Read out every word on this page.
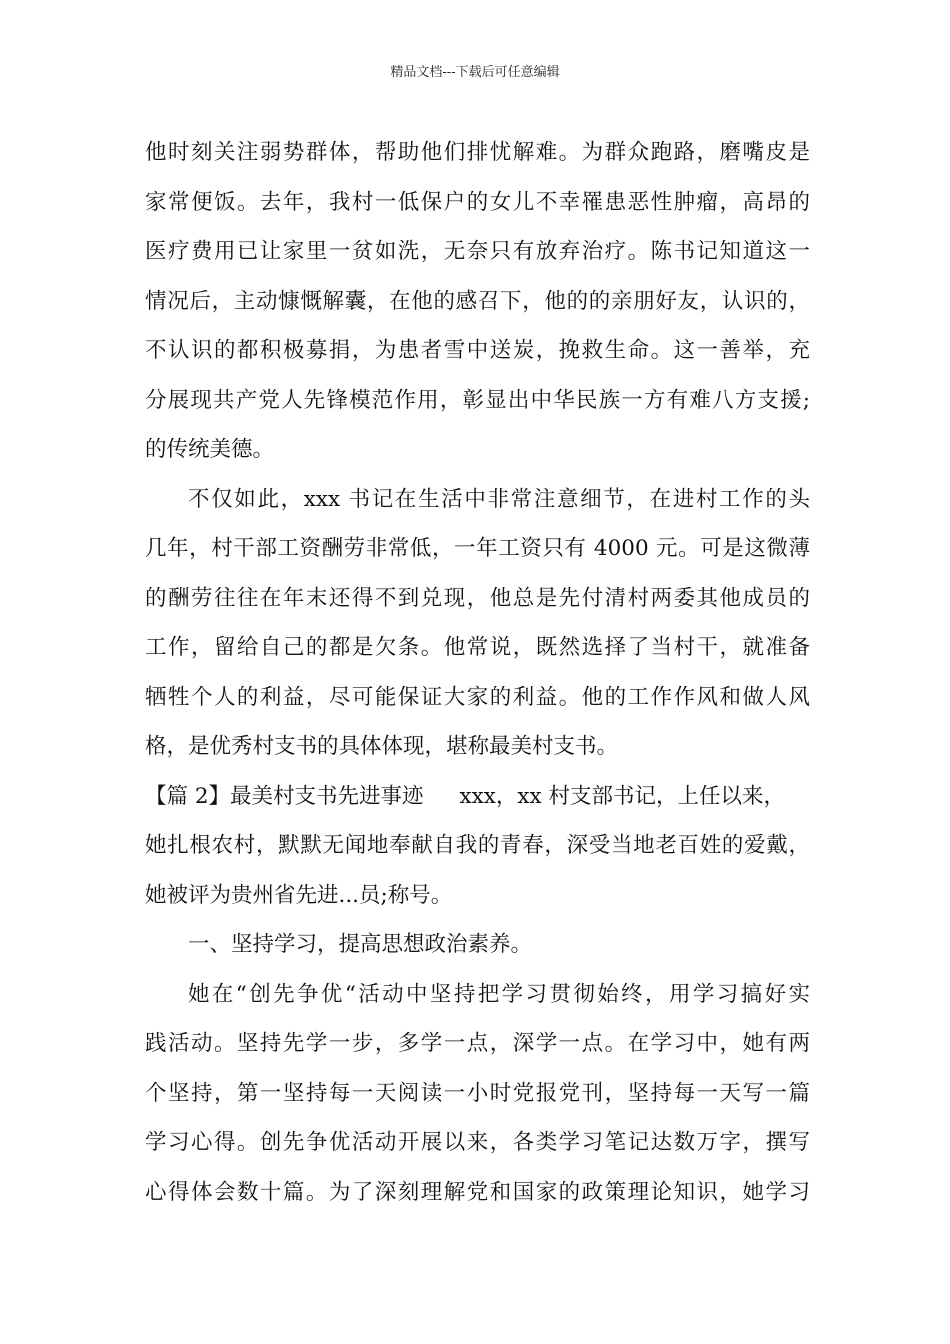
精品文档---下载后可任意编辑
他时刻关注弱势群体，帮助他们排忧解难。为群众跑路，磨嘴皮是
家常便饭。去年，我村一低保户的女儿不幸罹患恶性肿瘤，高昂的
医疗费用已让家里一贫如洗，无奈只有放弃治疗。陈书记知道这一
情况后，主动慷慨解囊，在他的感召下，他的的亲朋好友，认识的，
不认识的都积极募捐，为患者雪中送炭，挽救生命。这一善举，充
分展现共产党人先锋模范作用，彰显出中华民族一方有难八方支援;
的传统美德。
不仅如此，xxx 书记在生活中非常注意细节，在进村工作的头
几年，村干部工资酬劳非常低，一年工资只有 4000 元。可是这微薄
的酬劳往往在年末还得不到兑现，他总是先付清村两委其他成员的
工作，留给自己的都是欠条。他常说，既然选择了当村干，就准备
牺牲个人的利益，尽可能保证大家的利益。他的工作作风和做人风
格，是优秀村支书的具体体现，堪称最美村支书。
【篇 2】最美村支书先进事迹 xxx，xx 村支部书记，上任以来，
她扎根农村，默默无闻地奉献自我的青春，深受当地老百姓的爱戴，
她被评为贵州省先进...员;称号。
一、坚持学习，提高思想政治素养。
她在“创先争优“活动中坚持把学习贯彻始终，用学习搞好实
践活动。坚持先学一步，多学一点，深学一点。在学习中，她有两
个坚持，第一坚持每一天阅读一小时党报党刊，坚持每一天写一篇
学习心得。创先争优活动开展以来，各类学习笔记达数万字，撰写
心得体会数十篇。为了深刻理解党和国家的政策理论知识，她学习
